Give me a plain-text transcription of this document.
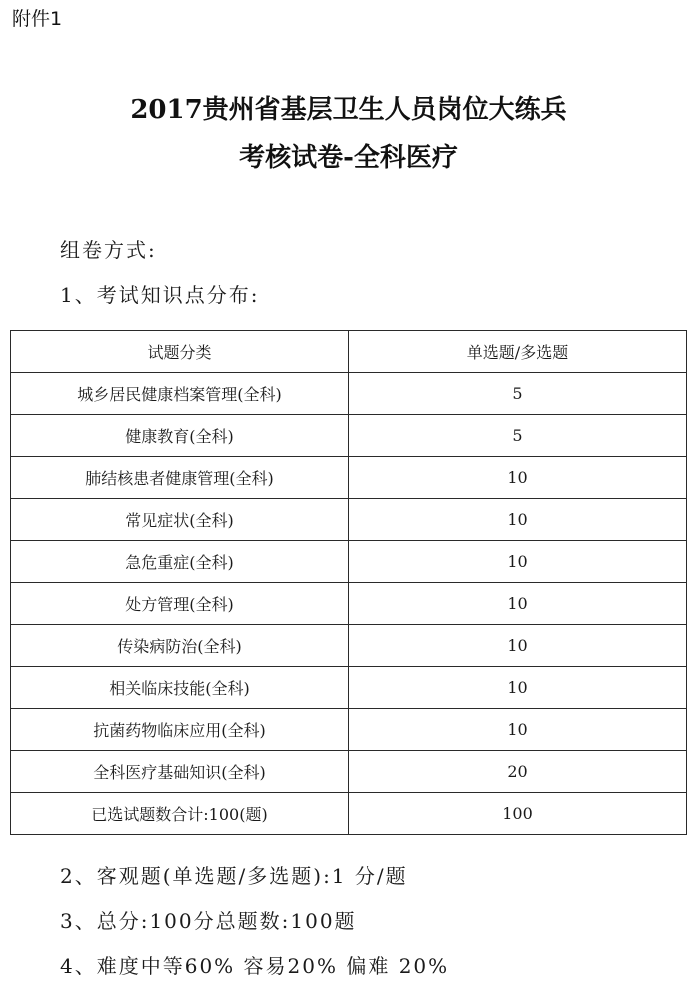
附件1
2017贵州省基层卫生人员岗位大练兵
考核试卷-全科医疗
组卷方式:
1、考试知识点分布:
试题分类	单选题/多选题
城乡居民健康档案管理(全科)	5
健康教育(全科)	5
肺结核患者健康管理(全科)	10
常见症状(全科)	10
急危重症(全科)	10
处方管理(全科)	10
传染病防治(全科)	10
相关临床技能(全科)	10
抗菌药物临床应用(全科)	10
全科医疗基础知识(全科)	20
已选试题数合计:100(题)	100
2、客观题(单选题/多选题):1 分/题
3、总分:100分总题数:100题
4、难度中等60% 容易20% 偏难 20%
